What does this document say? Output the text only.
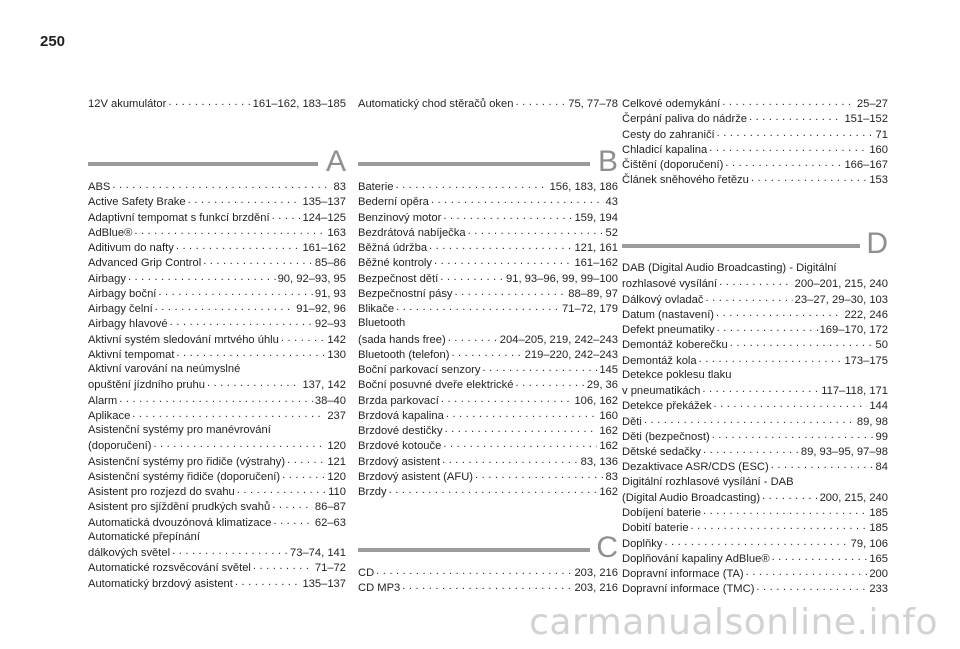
250
12V akumulátor . . .	161–162, 183–185
A
ABS . . .	83
Active Safety Brake . . .	135–137
Adaptivní tempomat s funkcí brzdění . . .	124–125
AdBlue® . . .	163
Aditivum do nafty . . .	161–162
Advanced Grip Control . . .	85–86
Airbagy . . .	90, 92–93, 95
Airbagy boční . . .	91, 93
Airbagy čelní . . .	91–92, 96
Airbagy hlavové . . .	92–93
Aktivní systém sledování mrtvého úhlu . . .	142
Aktivní tempomat . . .	130
Aktivní varování na neúmyslné
opuštění jízdního pruhu . . .	137, 142
Alarm . . .	38–40
Aplikace . . .	237
Asistenční systémy pro manévrování
(doporučení) . . .	120
Asistenční systémy pro řidiče (výstrahy) . . .	121
Asistenční systémy řidiče (doporučení) . . .	120
Asistent pro rozjezd do svahu . . .	110
Asistent pro sjíždění prudkých svahů . . .	86–87
Automatická dvouzónová klimatizace . . .	62–63
Automatické přepínání
dálkových světel . . .	73–74, 141
Automatické rozsvěcování světel . . .	71–72
Automatický brzdový asistent . . .	135–137
Automatický chod stěračů oken . . .	75, 77–78
B
Baterie . . .	156, 183, 186
Bederní opěra . . .	43
Benzinový motor . . .	159, 194
Bezdrátová nabíječka . . .	52
Běžná údržba . . .	121, 161
Běžné kontroly . . .	161–162
Bezpečnost dětí . . .	91, 93–96, 99, 99–100
Bezpečnostní pásy . . .	88–89, 97
Blikače . . .	71–72, 179
Bluetooth
(sada hands free) . . .	204–205, 219, 242–243
Bluetooth (telefon) . . .	219–220, 242–243
Boční parkovací senzory . . .	145
Boční posuvné dveře elektrické . . .	29, 36
Brzda parkovací . . .	106, 162
Brzdová kapalina . . .	160
Brzdové destičky . . .	162
Brzdové kotouče . . .	162
Brzdový asistent . . .	83, 136
Brzdový asistent (AFU) . . .	83
Brzdy . . .	162
C
CD . . .	203, 216
CD MP3 . . .	203, 216
Celkové odemykání . . .	25–27
Čerpání paliva do nádrže . . .	151–152
Cesty do zahraničí . . .	71
Chladicí kapalina . . .	160
Čištění (doporučení) . . .	166–167
Článek sněhového řetězu . . .	153
D
DAB (Digital Audio Broadcasting) - Digitální
rozhlasové vysílání . . .	200–201, 215, 240
Dálkový ovladač . . .	23–27, 29–30, 103
Datum (nastavení) . . .	222, 246
Defekt pneumatiky . . .	169–170, 172
Demontáž koberečku . . .	50
Demontáž kola . . .	173–175
Detekce poklesu tlaku
v pneumatikách . . .	117–118, 171
Detekce překážek . . .	144
Děti . . .	89, 98
Děti (bezpečnost) . . .	99
Dětské sedačky . . .	89, 93–95, 97–98
Dezaktivace ASR/CDS (ESC) . . .	84
Digitální rozhlasové vysílání - DAB
(Digital Audio Broadcasting) . . .	200, 215, 240
Dobíjení baterie . . .	185
Dobití baterie . . .	185
Doplňky . . .	79, 106
Doplňování kapaliny AdBlue® . . .	165
Dopravní informace (TA) . . .	200
Dopravní informace (TMC) . . .	233
carmanualsonline.info
